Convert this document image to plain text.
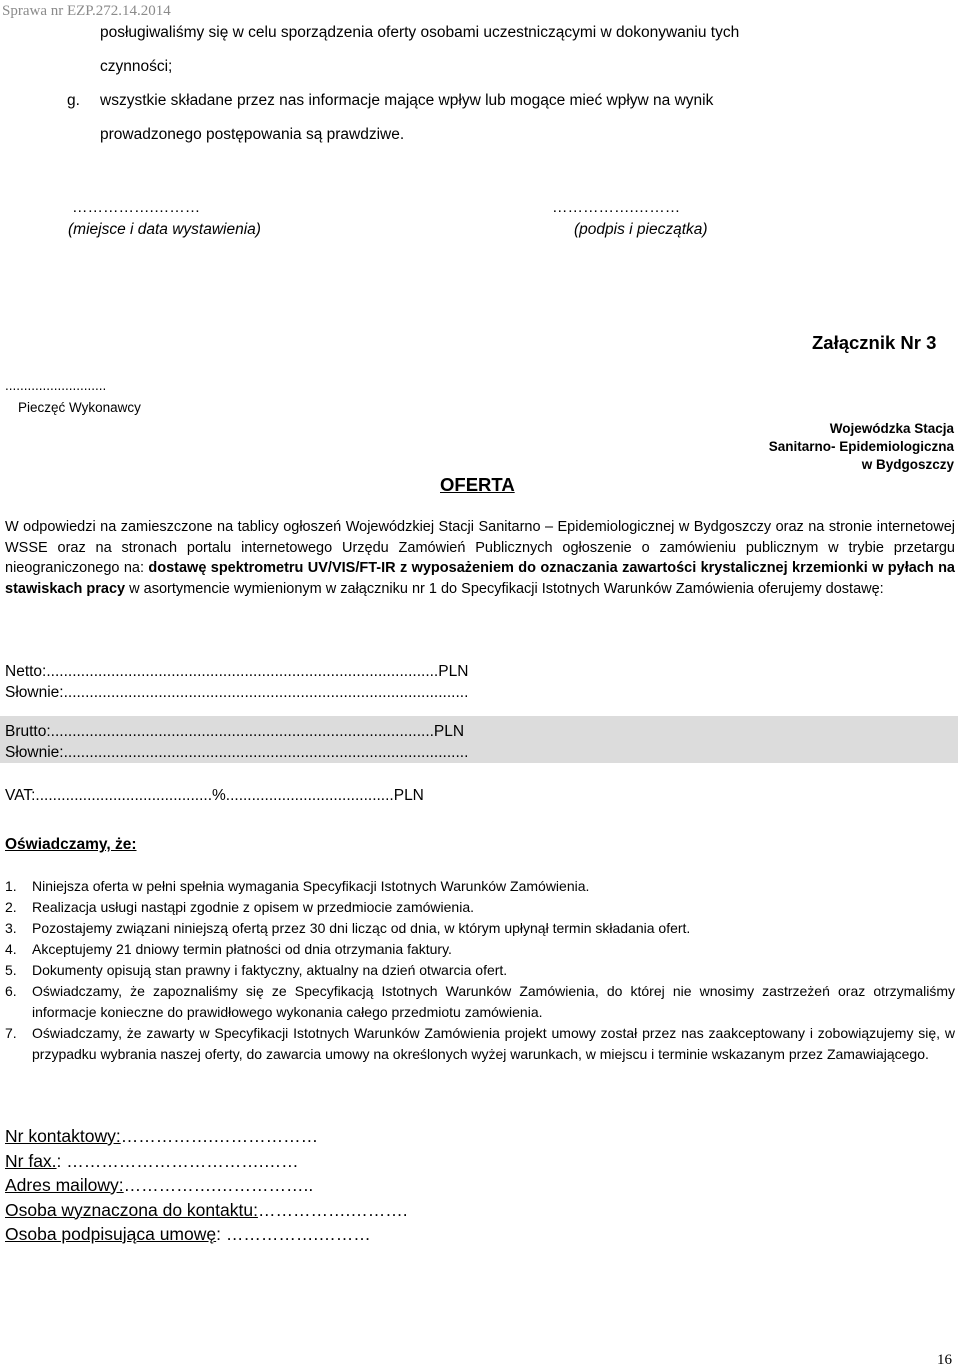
Sprawa nr EZP.272.14.2014
posługiwaliśmy się w celu sporządzenia oferty osobami uczestniczącymi w dokonywaniu tych
czynności;
g. wszystkie składane przez nas informacje mające wpływ lub mogące mieć wpływ na wynik
prowadzonego postępowania są prawdziwe.
…………….………
(miejsce i data wystawienia)
…………….………
(podpis i pieczątka)
Załącznik Nr 3
...........................
Pieczęć Wykonawcy
Wojewódzka Stacja
Sanitarno- Epidemiologiczna
w Bydgoszczy
OFERTA
W odpowiedzi na zamieszczone na tablicy ogłoszeń Wojewódzkiej Stacji Sanitarno – Epidemiologicznej w Bydgoszczy oraz na stronie internetowej WSSE oraz na stronach portalu internetowego Urzędu Zamówień Publicznych ogłoszenie o zamówieniu publicznym w trybie przetargu nieograniczonego na: dostawę spektrometru UV/VIS/FT-IR z wyposażeniem do oznaczania zawartości krystalicznej krzemionki w pyłach na stawiskach pracy w asortymencie wymienionym w załączniku nr 1 do Specyfikacji Istotnych Warunków Zamówienia oferujemy dostawę:
Netto:...........................................................................................PLN
Słownie:..............................................................................................
Brutto:.........................................................................................PLN
Słownie:..............................................................................................
VAT:.........................................%.......................................PLN
Oświadczamy, że:
1. Niniejsza oferta w pełni spełnia wymagania Specyfikacji Istotnych Warunków Zamówienia.
2. Realizacja usługi nastąpi zgodnie z opisem w przedmiocie zamówienia.
3. Pozostajemy związani niniejszą ofertą przez 30 dni licząc od dnia, w którym upłynął termin składania ofert.
4. Akceptujemy 21 dniowy termin płatności od dnia otrzymania faktury.
5. Dokumenty opisują stan prawny i faktyczny, aktualny na dzień otwarcia ofert.
6. Oświadczamy, że zapoznaliśmy się ze Specyfikacją Istotnych Warunków Zamówienia, do której nie wnosimy zastrzeżeń oraz otrzymaliśmy informacje konieczne do prawidłowego wykonania całego przedmiotu zamówienia.
7. Oświadczamy, że zawarty w Specyfikacji Istotnych Warunków Zamówienia projekt umowy został przez nas zaakceptowany i zobowiązujemy się, w przypadku wybrania naszej oferty, do zawarcia umowy na określonych wyżej warunkach, w miejscu i terminie wskazanym przez Zamawiającego.
Nr kontaktowy:…………….………………
Nr fax.: …………………………….……
Adres mailowy:…………….……………..
Osoba wyznaczona do kontaktu:…………….……….
Osoba podpisująca umowę: …………….………
16
